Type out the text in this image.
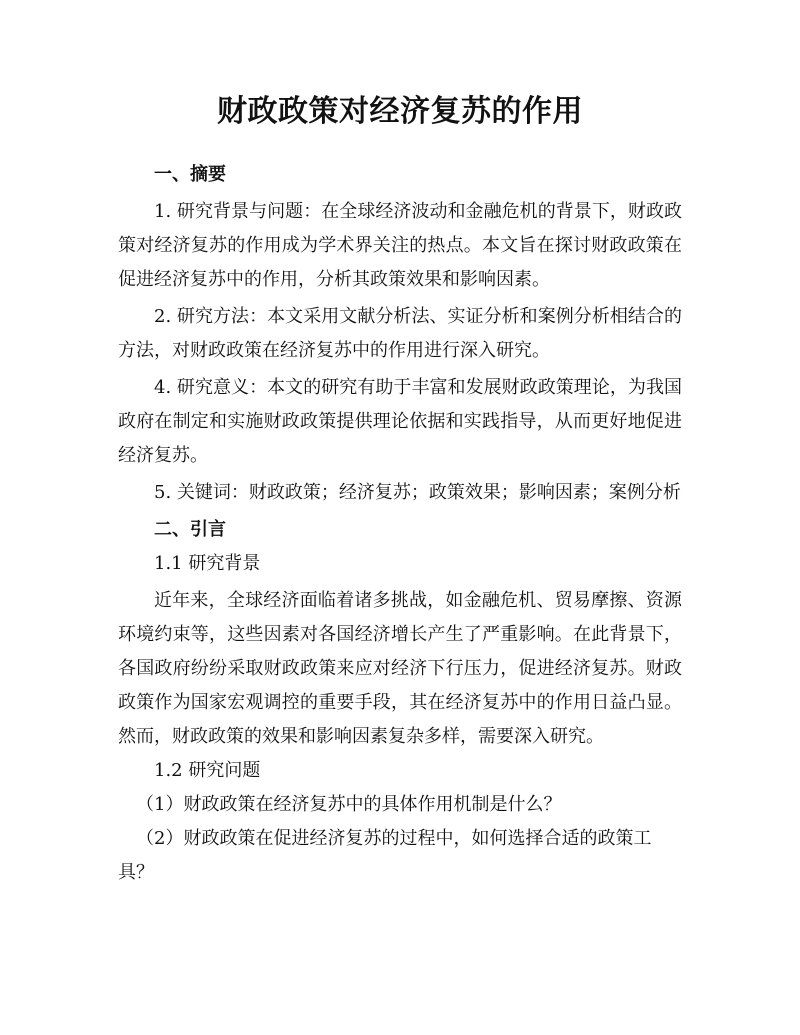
财政政策对经济复苏的作用
一、摘要

1. 研究背景与问题：在全球经济波动和金融危机的背景下，财政政策对经济复苏的作用成为学术界关注的热点。本文旨在探讨财政政策在促进经济复苏中的作用，分析其政策效果和影响因素。

2. 研究方法：本文采用文献分析法、实证分析和案例分析相结合的方法，对财政政策在经济复苏中的作用进行深入研究。

4. 研究意义：本文的研究有助于丰富和发展财政政策理论，为我国政府在制定和实施财政政策提供理论依据和实践指导，从而更好地促进经济复苏。

5. 关键词：财政政策；经济复苏；政策效果；影响因素；案例分析

二、引言

1.1 研究背景

近年来，全球经济面临着诸多挑战，如金融危机、贸易摩擦、资源环境约束等，这些因素对各国经济增长产生了严重影响。在此背景下，各国政府纷纷采取财政政策来应对经济下行压力，促进经济复苏。财政政策作为国家宏观调控的重要手段，其在经济复苏中的作用日益凸显。然而，财政政策的效果和影响因素复杂多样，需要深入研究。

1.2 研究问题

（1）财政政策在经济复苏中的具体作用机制是什么？

（2）财政政策在促进经济复苏的过程中，如何选择合适的政策工具？
